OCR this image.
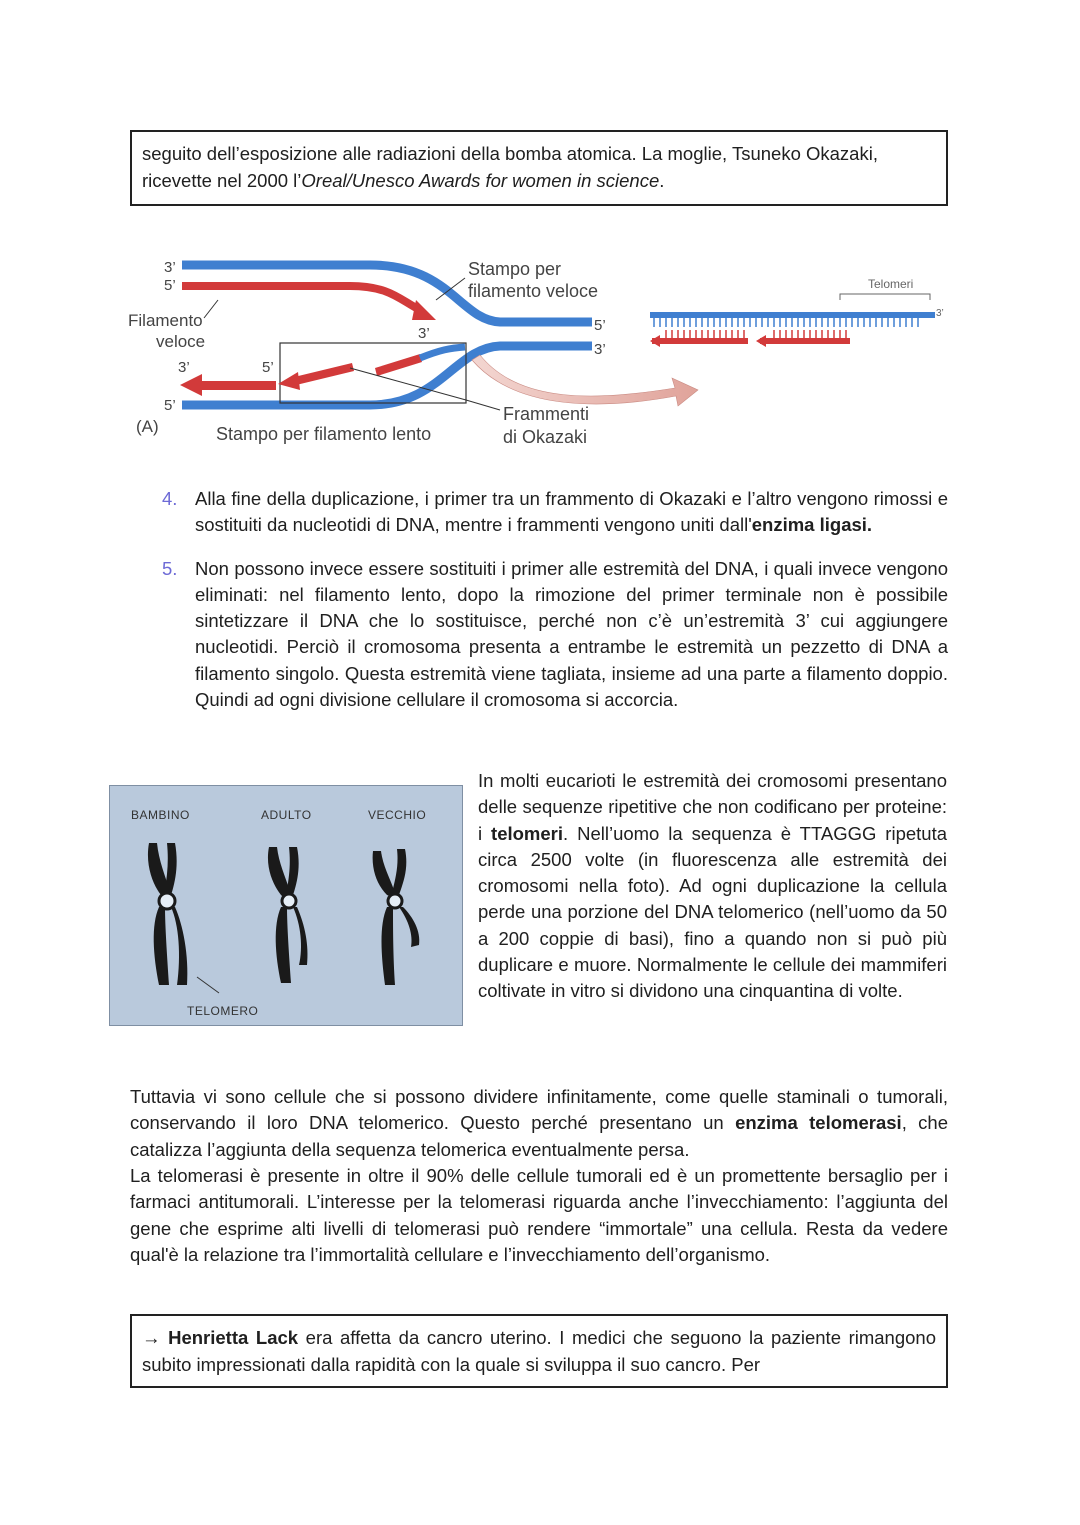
seguito dell’esposizione alle radiazioni della bomba atomica. La moglie, Tsuneko Okazaki,
ricevette nel 2000 l’Oreal/Unesco Awards for women in science.
3’
5’
Filamento
veloce
3’	5’
3’
5’
(A)	Stampo per filamento lento
Stampo per
filamento veloce
5’
3’
Frammenti
di Okazaki
Telomeri
3’
4. Alla fine della duplicazione, i primer tra un frammento di Okazaki e l’altro vengono rimossi e sostituiti da nucleotidi di DNA, mentre i frammenti vengono uniti dall'enzima ligasi.
5. Non possono invece essere sostituiti i primer alle estremità del DNA, i quali invece vengono eliminati: nel filamento lento, dopo la rimozione del primer terminale non è possibile sintetizzare il DNA che lo sostituisce, perché non c’è un’estremità 3’ cui aggiungere nucleotidi. Perciò il cromosoma presenta a entrambe le estremità un pezzetto di DNA a filamento singolo. Questa estremità viene tagliata, insieme ad una parte a filamento doppio. Quindi ad ogni divisione cellulare il cromosoma si accorcia.
BAMBINO	ADULTO	VECCHIO
TELOMERO

In molti eucarioti le estremità dei cromosomi presentano delle sequenze ripetitive che non codificano per proteine: i telomeri. Nell’uomo la sequenza è TTAGGG ripetuta circa 2500 volte (in fluorescenza alle estremità dei cromosomi nella foto). Ad ogni duplicazione la cellula perde una porzione del DNA telomerico (nell’uomo da 50 a 200 coppie di basi), fino a quando non si può più duplicare e muore. Normalmente le cellule dei mammiferi coltivate in vitro si dividono una cinquantina di volte.

Tuttavia vi sono cellule che si possono dividere infinitamente, come quelle staminali o tumorali, conservando il loro DNA telomerico. Questo perché presentano un enzima telomerasi, che catalizza l’aggiunta della sequenza telomerica eventualmente persa.

La telomerasi è presente in oltre il 90% delle cellule tumorali ed è un promettente bersaglio per i farmaci antitumorali. L’interesse per la telomerasi riguarda anche l’invecchiamento: l’aggiunta del gene che esprime alti livelli di telomerasi può rendere “immortale” una cellula. Resta da vedere qual'è la relazione tra l’immortalità cellulare e l’invecchiamento dell’organismo.

→ Henrietta Lack era affetta da cancro uterino. I medici che seguono la paziente rimangono subito impressionati dalla rapidità con la quale si sviluppa il suo cancro. Per
